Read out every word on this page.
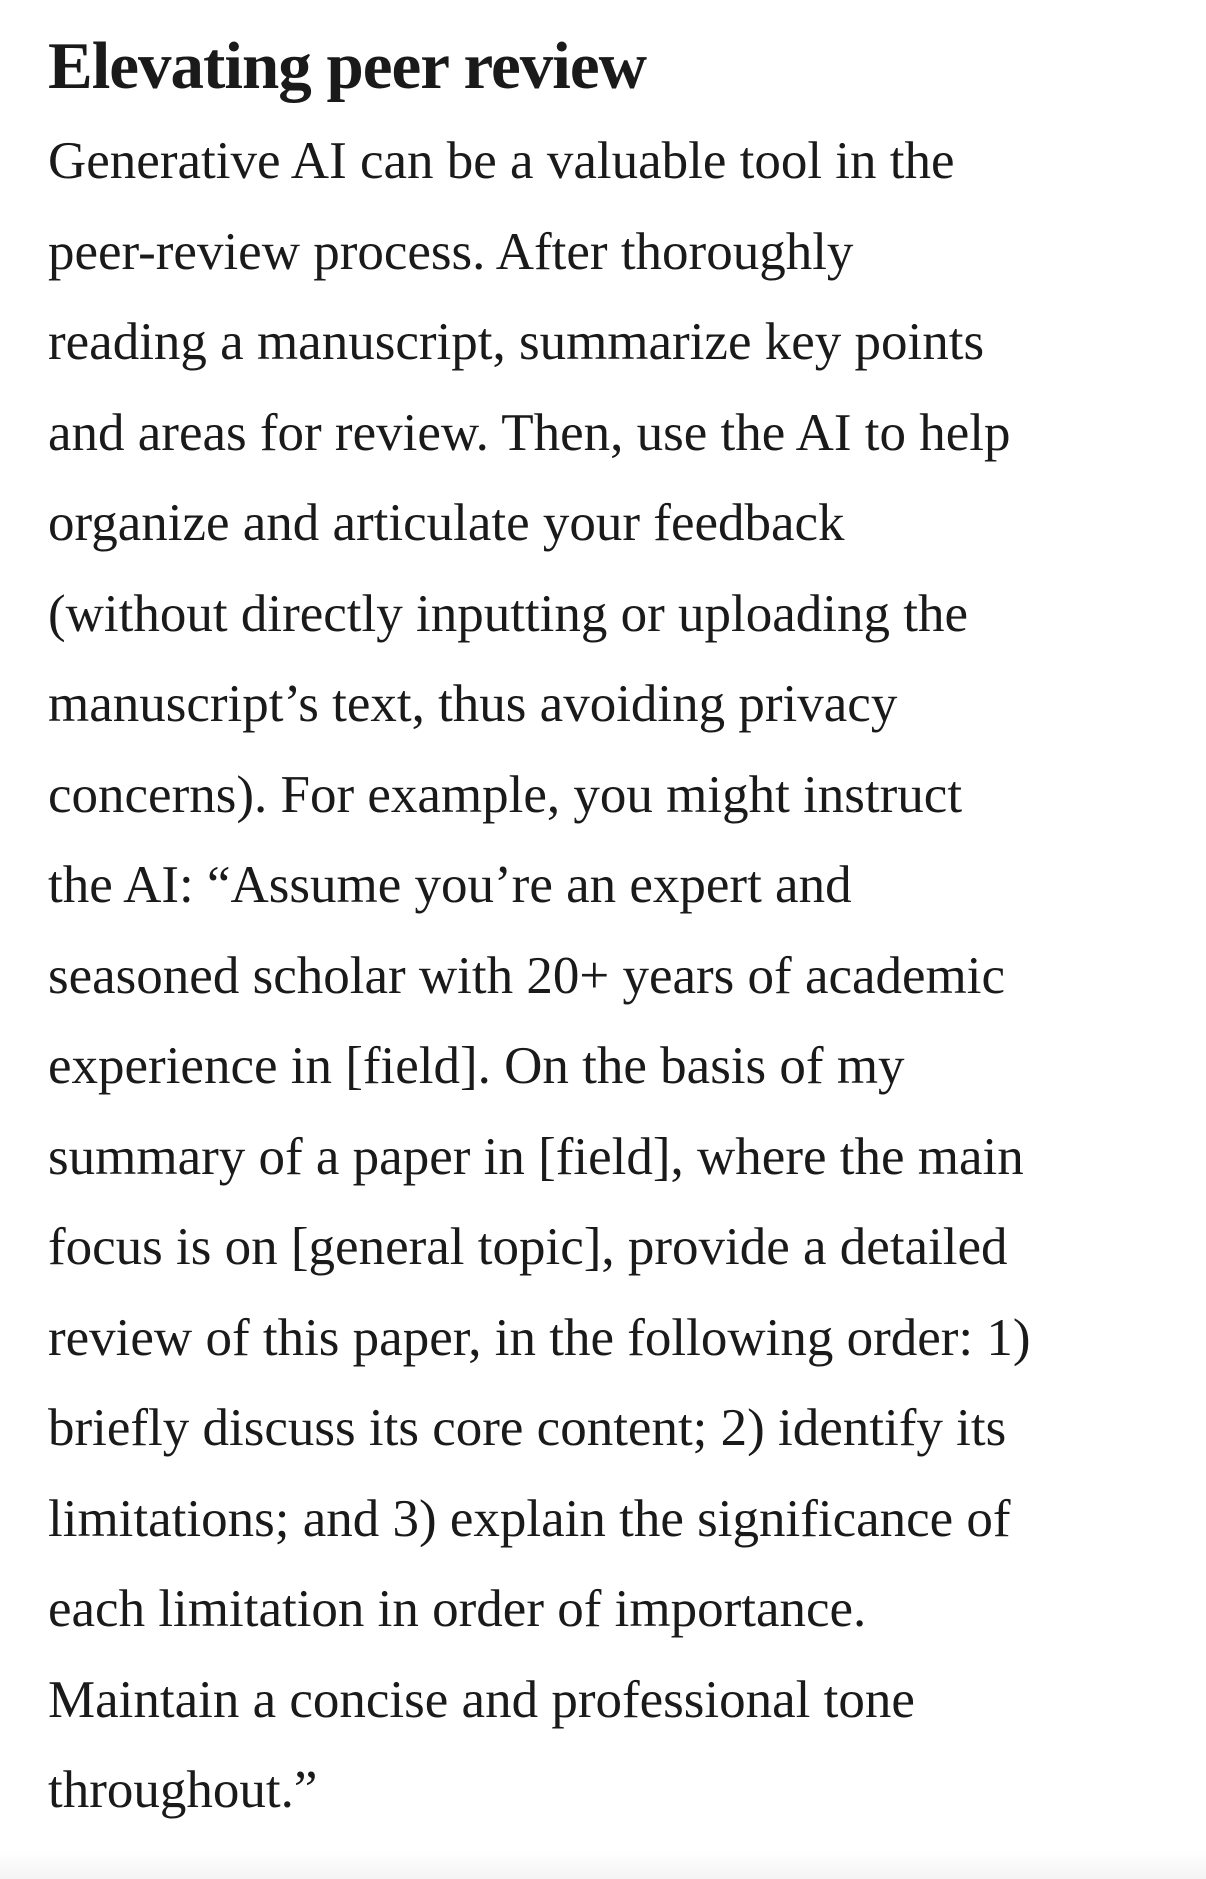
Elevating peer review

Generative AI can be a valuable tool in the
peer-review process. After thoroughly
reading a manuscript, summarize key points
and areas for review. Then, use the AI to help
organize and articulate your feedback
(without directly inputting or uploading the
manuscript’s text, thus avoiding privacy
concerns). For example, you might instruct
the AI: “Assume you’re an expert and
seasoned scholar with 20+ years of academic
experience in [field]. On the basis of my
summary of a paper in [field], where the main
focus is on [general topic], provide a detailed
review of this paper, in the following order: 1)
briefly discuss its core content; 2) identify its
limitations; and 3) explain the significance of
each limitation in order of importance.
Maintain a concise and professional tone
throughout.”
